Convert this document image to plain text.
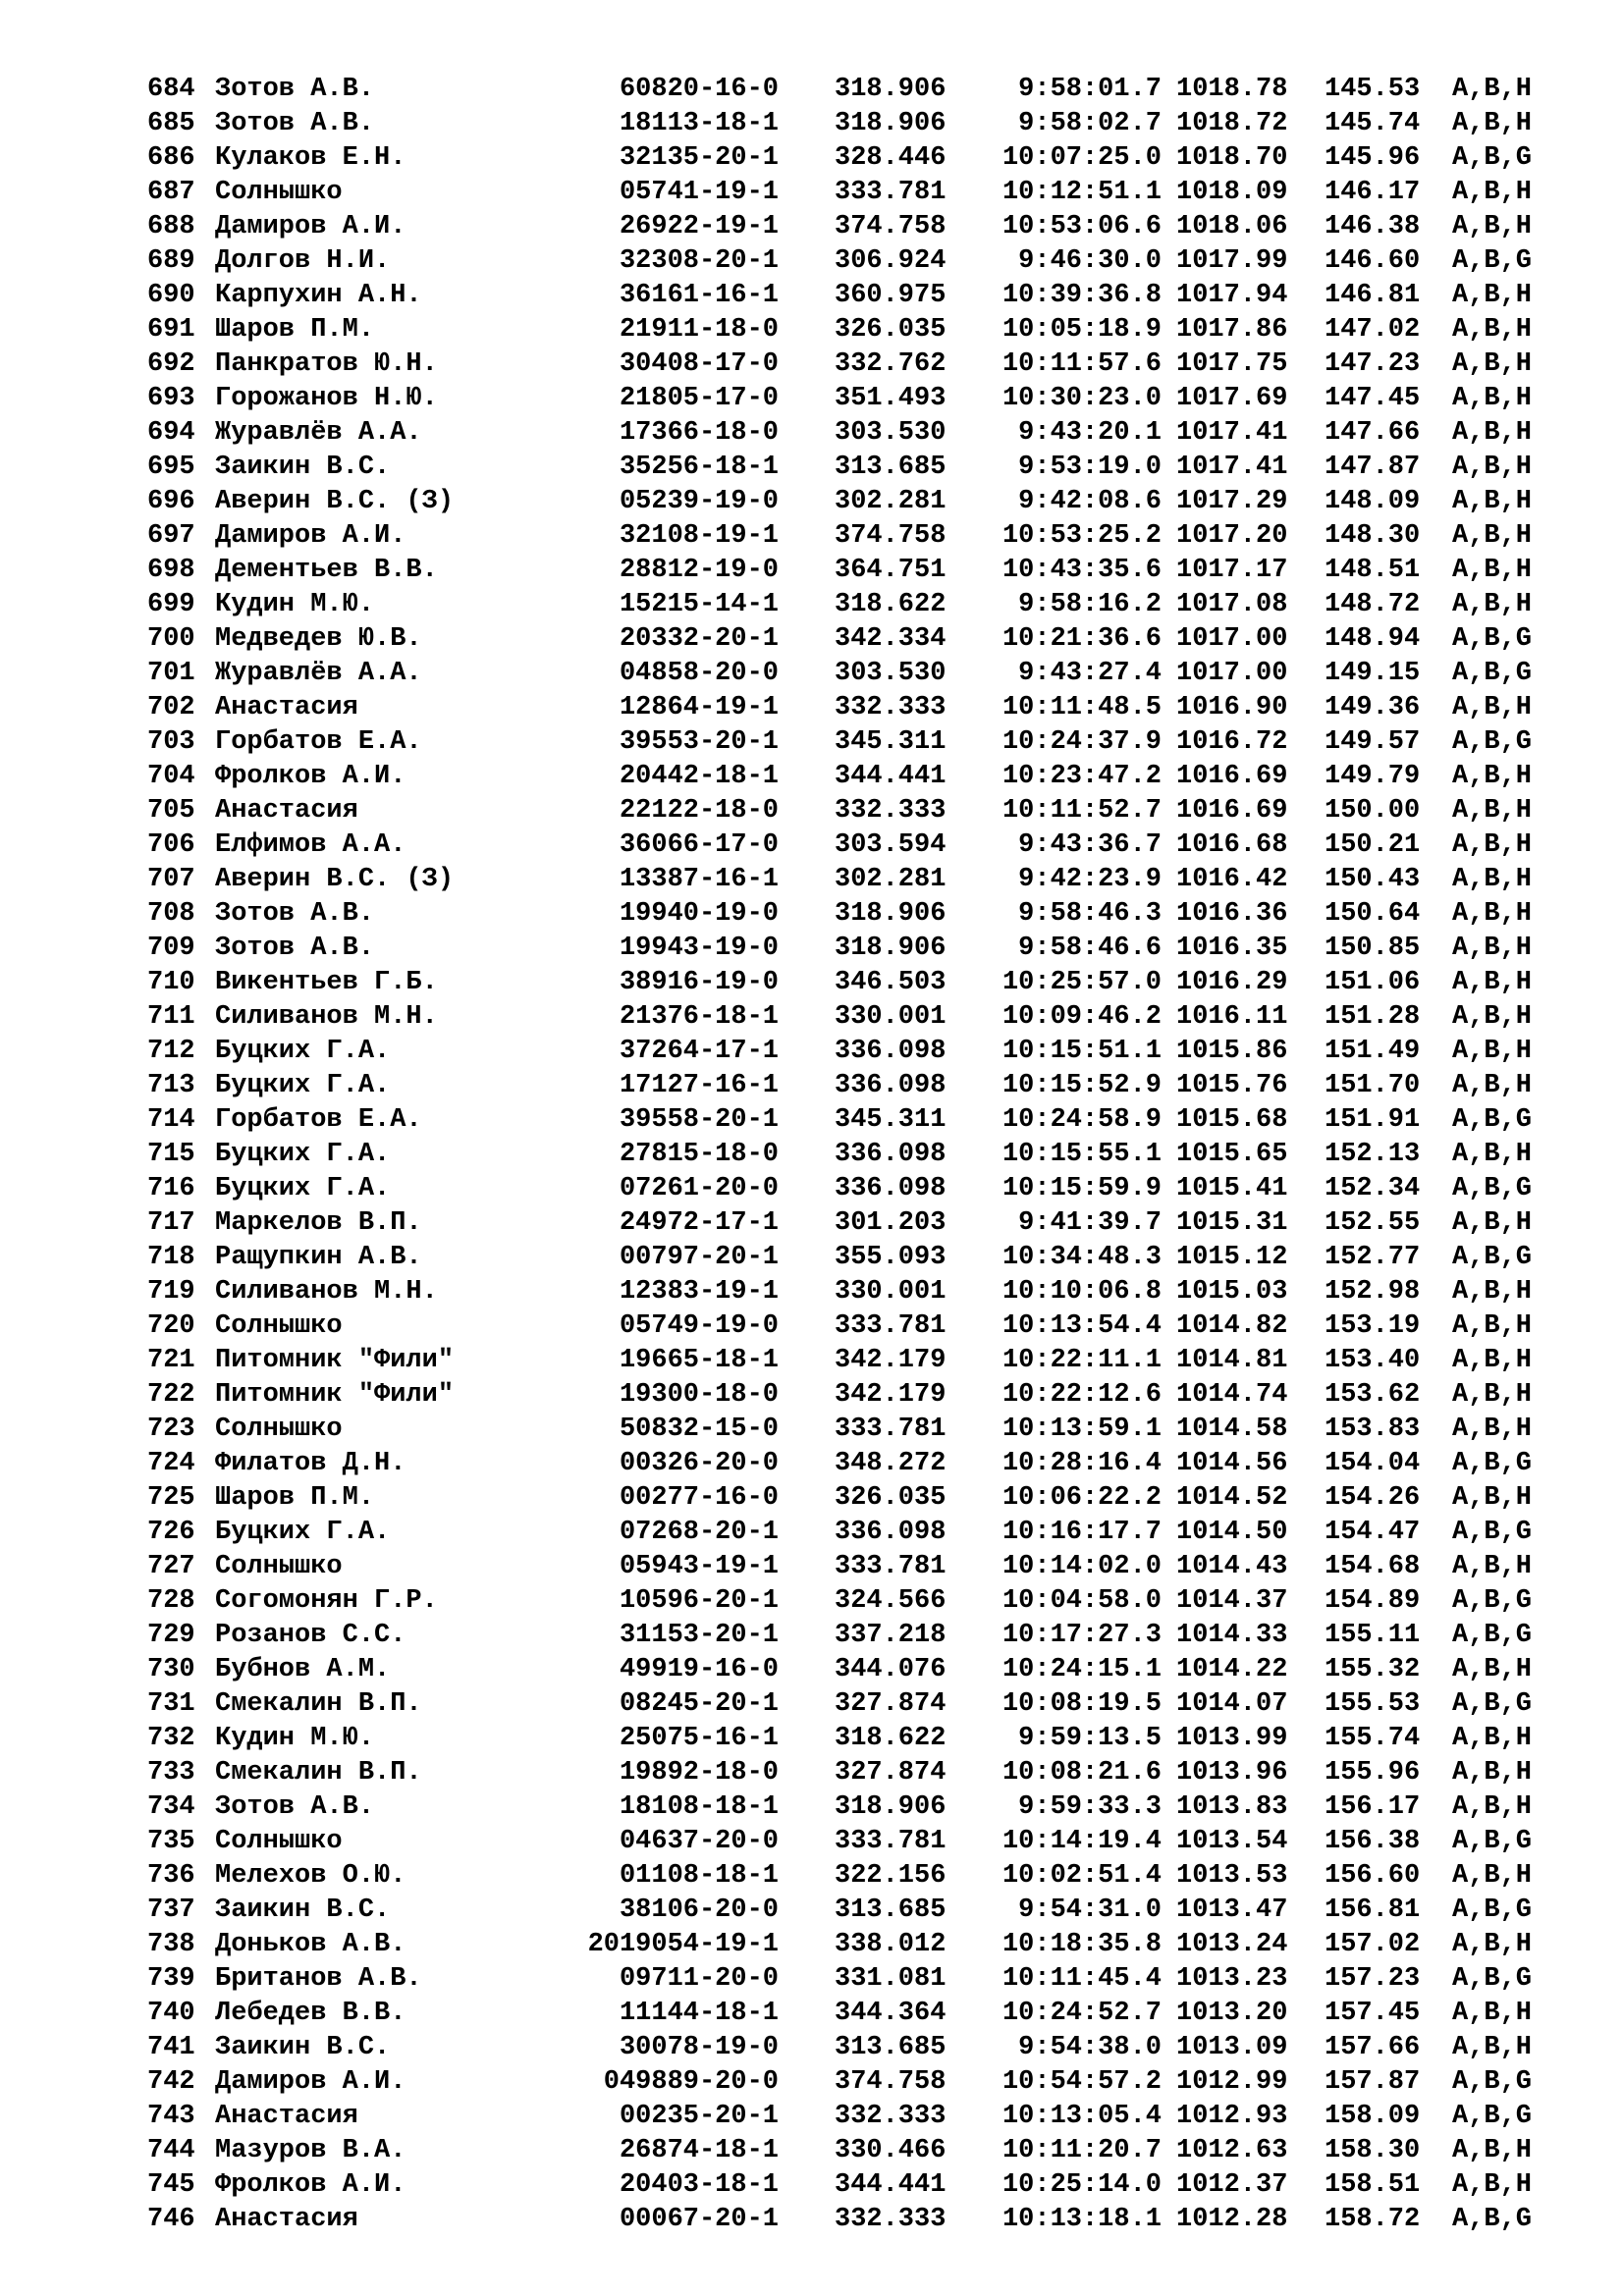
684 Зотов А.В.	60820-16-0 318.906	9:58:01.7 1018.78 145.53 A,B,H
685 Зотов А.В.	18113-18-1 318.906	9:58:02.7 1018.72 145.74 A,B,H
686 Кулаков Е.Н.	32135-20-1 328.446 10:07:25.0 1018.70 145.96 A,B,G
687 Солнышко	05741-19-1 333.781 10:12:51.1 1018.09 146.17 A,B,H
688 Дамиров А.И.	26922-19-1 374.758 10:53:06.6 1018.06 146.38 A,B,H
689 Долгов Н.И.	32308-20-1 306.924	9:46:30.0 1017.99 146.60 A,B,G
690 Карпухин А.Н.	36161-16-1 360.975 10:39:36.8 1017.94 146.81 A,B,H
691 Шаров П.М.	21911-18-0 326.035 10:05:18.9 1017.86 147.02 A,B,H
692 Панкратов Ю.Н.	30408-17-0 332.762 10:11:57.6 1017.75 147.23 A,B,H
693 Горожанов Н.Ю.	21805-17-0 351.493 10:30:23.0 1017.69 147.45 A,B,H
694 Журавлёв А.А.	17366-18-0 303.530	9:43:20.1 1017.41 147.66 A,B,H
695 Заикин В.С.	35256-18-1 313.685	9:53:19.0 1017.41 147.87 A,B,H
696 Аверин В.С. (З)	05239-19-0 302.281	9:42:08.6 1017.29 148.09 A,B,H
697 Дамиров А.И.	32108-19-1 374.758 10:53:25.2 1017.20 148.30 A,B,H
698 Дементьев В.В.	28812-19-0 364.751 10:43:35.6 1017.17 148.51 A,B,H
699 Кудин М.Ю.	15215-14-1 318.622	9:58:16.2 1017.08 148.72 A,B,H
700 Медведев Ю.В.	20332-20-1 342.334 10:21:36.6 1017.00 148.94 A,B,G
701 Журавлёв А.А.	04858-20-0 303.530	9:43:27.4 1017.00 149.15 A,B,G
702 Анастасия	12864-19-1 332.333 10:11:48.5 1016.90 149.36 A,B,H
703 Горбатов Е.А.	39553-20-1 345.311 10:24:37.9 1016.72 149.57 A,B,G
704 Фролков А.И.	20442-18-1 344.441 10:23:47.2 1016.69 149.79 A,B,H
705 Анастасия	22122-18-0 332.333 10:11:52.7 1016.69 150.00 A,B,H
706 Елфимов А.А.	36066-17-0 303.594	9:43:36.7 1016.68 150.21 A,B,H
707 Аверин В.С. (З)	13387-16-1 302.281	9:42:23.9 1016.42 150.43 A,B,H
708 Зотов А.В.	19940-19-0 318.906	9:58:46.3 1016.36 150.64 A,B,H
709 Зотов А.В.	19943-19-0 318.906	9:58:46.6 1016.35 150.85 A,B,H
710 Викентьев Г.Б.	38916-19-0 346.503 10:25:57.0 1016.29 151.06 A,B,H
711 Силиванов М.Н.	21376-18-1 330.001 10:09:46.2 1016.11 151.28 A,B,H
712 Буцких Г.А.	37264-17-1 336.098 10:15:51.1 1015.86 151.49 A,B,H
713 Буцких Г.А.	17127-16-1 336.098 10:15:52.9 1015.76 151.70 A,B,H
714 Горбатов Е.А.	39558-20-1 345.311 10:24:58.9 1015.68 151.91 A,B,G
715 Буцких Г.А.	27815-18-0 336.098 10:15:55.1 1015.65 152.13 A,B,H
716 Буцких Г.А.	07261-20-0 336.098 10:15:59.9 1015.41 152.34 A,B,G
717 Маркелов В.П.	24972-17-1 301.203	9:41:39.7 1015.31 152.55 A,B,H
718 Ращупкин А.В.	00797-20-1 355.093 10:34:48.3 1015.12 152.77 A,B,G
719 Силиванов М.Н.	12383-19-1 330.001 10:10:06.8 1015.03 152.98 A,B,H
720 Солнышко	05749-19-0 333.781 10:13:54.4 1014.82 153.19 A,B,H
721 Питомник "Фили"	19665-18-1 342.179 10:22:11.1 1014.81 153.40 A,B,H
722 Питомник "Фили"	19300-18-0 342.179 10:22:12.6 1014.74 153.62 A,B,H
723 Солнышко	50832-15-0 333.781 10:13:59.1 1014.58 153.83 A,B,H
724 Филатов Д.Н.	00326-20-0 348.272 10:28:16.4 1014.56 154.04 A,B,G
725 Шаров П.М.	00277-16-0 326.035 10:06:22.2 1014.52 154.26 A,B,H
726 Буцких Г.А.	07268-20-1 336.098 10:16:17.7 1014.50 154.47 A,B,G
727 Солнышко	05943-19-1 333.781 10:14:02.0 1014.43 154.68 A,B,H
728 Согомонян Г.Р.	10596-20-1 324.566 10:04:58.0 1014.37 154.89 A,B,G
729 Розанов С.С.	31153-20-1 337.218 10:17:27.3 1014.33 155.11 A,B,G
730 Бубнов А.М.	49919-16-0 344.076 10:24:15.1 1014.22 155.32 A,B,H
731 Смекалин В.П.	08245-20-1 327.874 10:08:19.5 1014.07 155.53 A,B,G
732 Кудин М.Ю.	25075-16-1 318.622	9:59:13.5 1013.99 155.74 A,B,H
733 Смекалин В.П.	19892-18-0 327.874 10:08:21.6 1013.96 155.96 A,B,H
734 Зотов А.В.	18108-18-1 318.906	9:59:33.3 1013.83 156.17 A,B,H
735 Солнышко	04637-20-0 333.781 10:14:19.4 1013.54 156.38 A,B,G
736 Мелехов О.Ю.	01108-18-1 322.156 10:02:51.4 1013.53 156.60 A,B,H
737 Заикин В.С.	38106-20-0 313.685	9:54:31.0 1013.47 156.81 A,B,G
738 Доньков А.В.	2019054-19-1 338.012 10:18:35.8 1013.24 157.02 A,B,H
739 Британов А.В.	09711-20-0 331.081 10:11:45.4 1013.23 157.23 A,B,G
740 Лебедев В.В.	11144-18-1 344.364 10:24:52.7 1013.20 157.45 A,B,H
741 Заикин В.С.	30078-19-0 313.685	9:54:38.0 1013.09 157.66 A,B,H
742 Дамиров А.И.	049889-20-0 374.758 10:54:57.2 1012.99 157.87 A,B,G
743 Анастасия	00235-20-1 332.333 10:13:05.4 1012.93 158.09 A,B,G
744 Мазуров В.А.	26874-18-1 330.466 10:11:20.7 1012.63 158.30 A,B,H
745 Фролков А.И.	20403-18-1 344.441 10:25:14.0 1012.37 158.51 A,B,H
746 Анастасия	00067-20-1 332.333 10:13:18.1 1012.28 158.72 A,B,G
